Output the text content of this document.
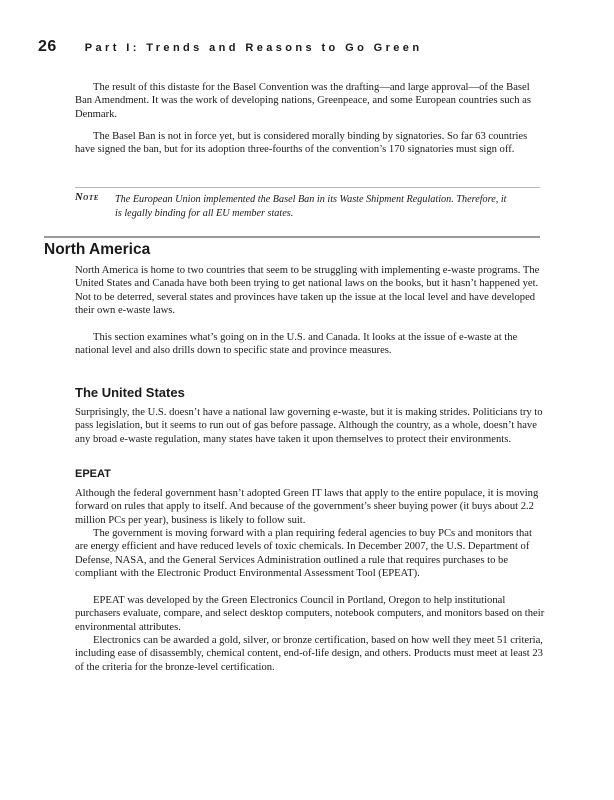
26	Part I: Trends and Reasons to Go Green

The result of this distaste for the Basel Convention was the drafting—and large approval—of the Basel Ban Amendment. It was the work of developing nations, Greenpeace, and some European countries such as Denmark.

The Basel Ban is not in force yet, but is considered morally binding by signatories. So far 63 countries have signed the ban, but for its adoption three-fourths of the convention’s 170 signatories must sign off.

Note The European Union implemented the Basel Ban in its Waste Shipment Regulation. Therefore, it is legally binding for all EU member states.

North America

North America is home to two countries that seem to be struggling with implementing e-waste programs. The United States and Canada have both been trying to get national laws on the books, but it hasn’t happened yet. Not to be deterred, several states and provinces have taken up the issue at the local level and have developed their own e-waste laws.

This section examines what’s going on in the U.S. and Canada. It looks at the issue of e-waste at the national level and also drills down to specific state and province measures.

The United States

Surprisingly, the U.S. doesn’t have a national law governing e-waste, but it is making strides. Politicians try to pass legislation, but it seems to run out of gas before passage. Although the country, as a whole, doesn’t have any broad e-waste regulation, many states have taken it upon themselves to protect their environments.

EPEAT

Although the federal government hasn’t adopted Green IT laws that apply to the entire populace, it is moving forward on rules that apply to itself. And because of the government’s sheer buying power (it buys about 2.2 million PCs per year), business is likely to follow suit.

The government is moving forward with a plan requiring federal agencies to buy PCs and monitors that are energy efficient and have reduced levels of toxic chemicals. In December 2007, the U.S. Department of Defense, NASA, and the General Services Administration outlined a rule that requires purchases to be compliant with the Electronic Product Environmental Assessment Tool (EPEAT).

EPEAT was developed by the Green Electronics Council in Portland, Oregon to help institutional purchasers evaluate, compare, and select desktop computers, notebook computers, and monitors based on their environmental attributes.

Electronics can be awarded a gold, silver, or bronze certification, based on how well they meet 51 criteria, including ease of disassembly, chemical content, end-of-life design, and others. Products must meet at least 23 of the criteria for the bronze-level certification.
